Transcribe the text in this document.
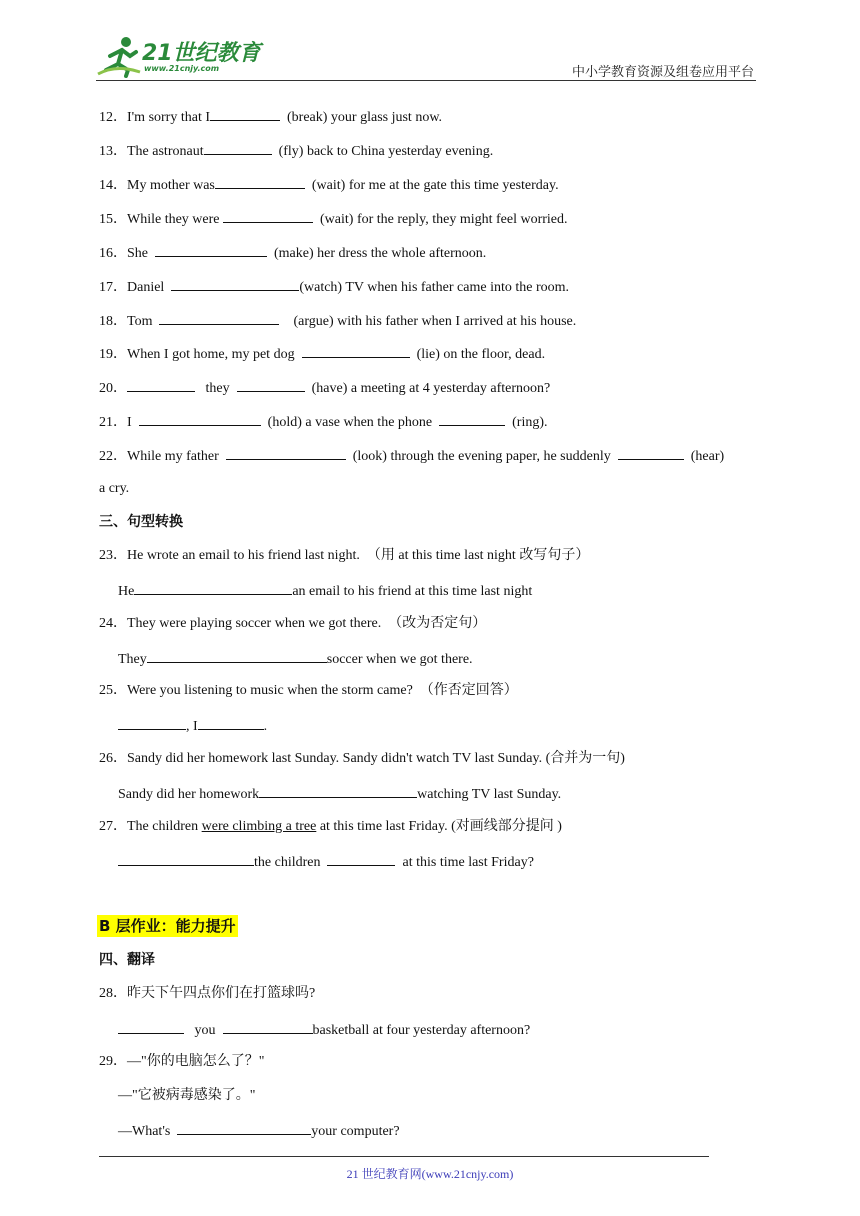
21世纪教育
www.21cnjy.com	中小学教育资源及组卷应用平台
12．I'm sorry that I	(break) your glass just now.
13．The astronaut	(fly) back to China yesterday evening.
14．My mother was	(wait) for me at the gate this time yesterday.
15．While they were	(wait) for the reply, they might feel worried.
16．She	(make) her dress the whole afternoon.
17．Daniel	(watch) TV when his father came into the room.
18．Tom	(argue) with his father when I arrived at his house.
19．When I got home, my pet dog	(lie) on the floor, dead.
20．	they	(have) a meeting at 4 yesterday afternoon?
21．I	(hold) a vase when the phone	(ring).
22．While my father	(look) through the evening paper, he suddenly	(hear)
a cry.
三、句型转换
23．He wrote an email to his friend last night. （用 at this time last night 改写句子）
He	an email to his friend at this time last night
24．They were playing soccer when we got there. （改为否定句）
They	soccer when we got there.
25．Were you listening to music when the storm came? （作否定回答）
, I	.
26．Sandy did her homework last Sunday. Sandy didn't watch TV last Sunday. (合并为一句)
Sandy did her homework	watching TV last Sunday.
27．The children were climbing a tree at this time last Friday. (对画线部分提问 )
the children	at this time last Friday?
B 层作业：能力提升
四、翻译
28．昨天下午四点你们在打篮球吗?
you	basketball at four yesterday afternoon?
29．—"你的电脑怎么了？"
—"它被病毒感染了。"
—What's	your computer?
21 世纪教育网(www.21cnjy.com)
